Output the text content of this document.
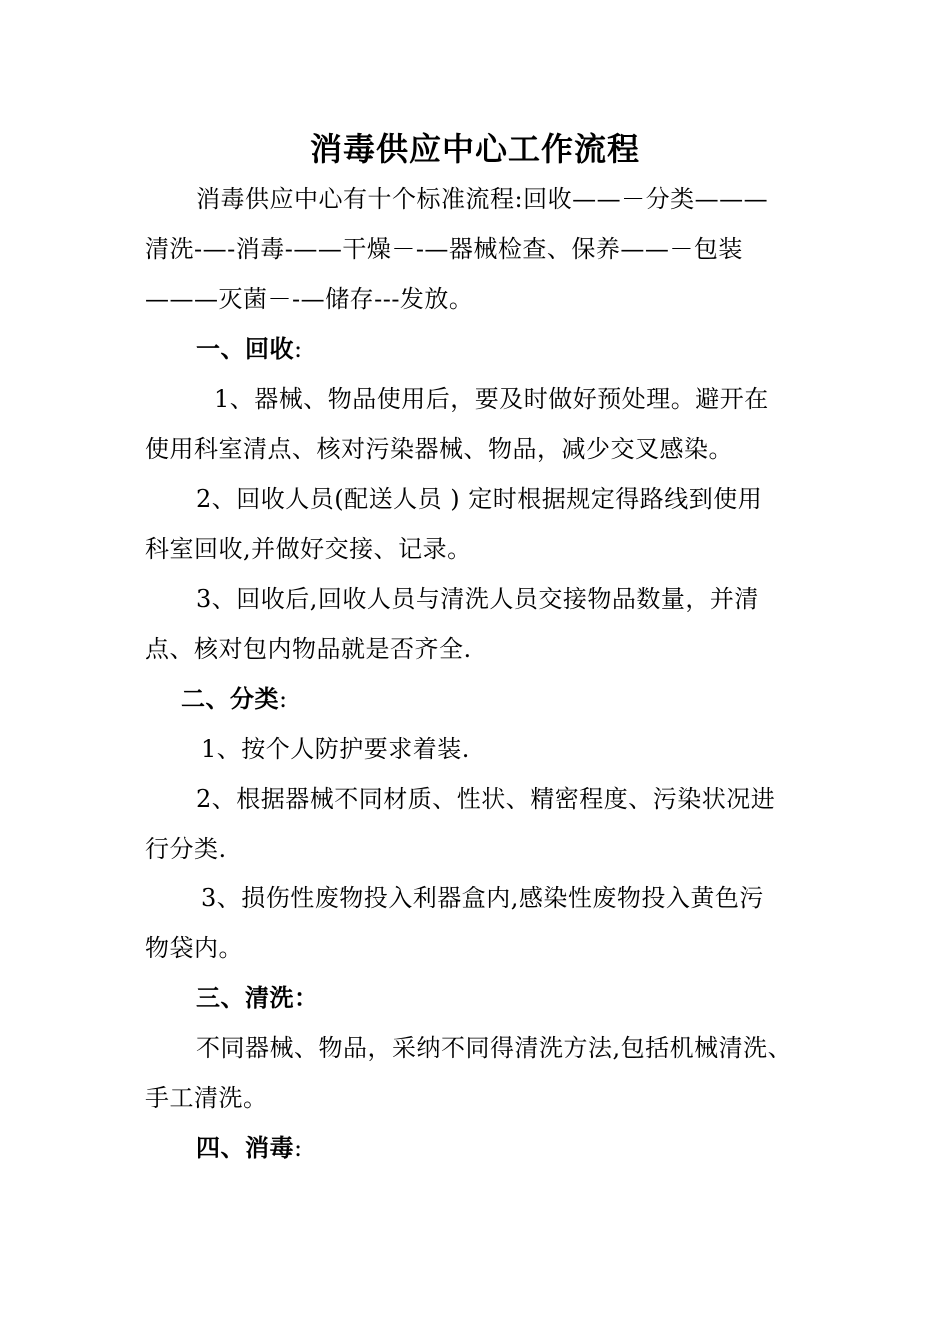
消毒供应中心工作流程
消毒供应中心有十个标准流程:回收——－分类———
清洗-—-消毒-——干燥－-—器械检查、保养——－包装
———灭菌－-—储存---发放。
一、回收:
1、器械、物品使用后，要及时做好预处理。避开在
使用科室清点、核对污染器械、物品，减少交叉感染。
2、回收人员(配送人员 ) 定时根据规定得路线到使用
科室回收,并做好交接、记录。
3、回收后,回收人员与清洗人员交接物品数量，并清
点、核对包内物品就是否齐全.
二、分类:
1、按个人防护要求着装.
2、根据器械不同材质、性状、精密程度、污染状况进
行分类.
3、损伤性废物投入利器盒内,感染性废物投入黄色污
物袋内。
三、清洗：
不同器械、物品，采纳不同得清洗方法,包括机械清洗、
手工清洗。
四、消毒:
